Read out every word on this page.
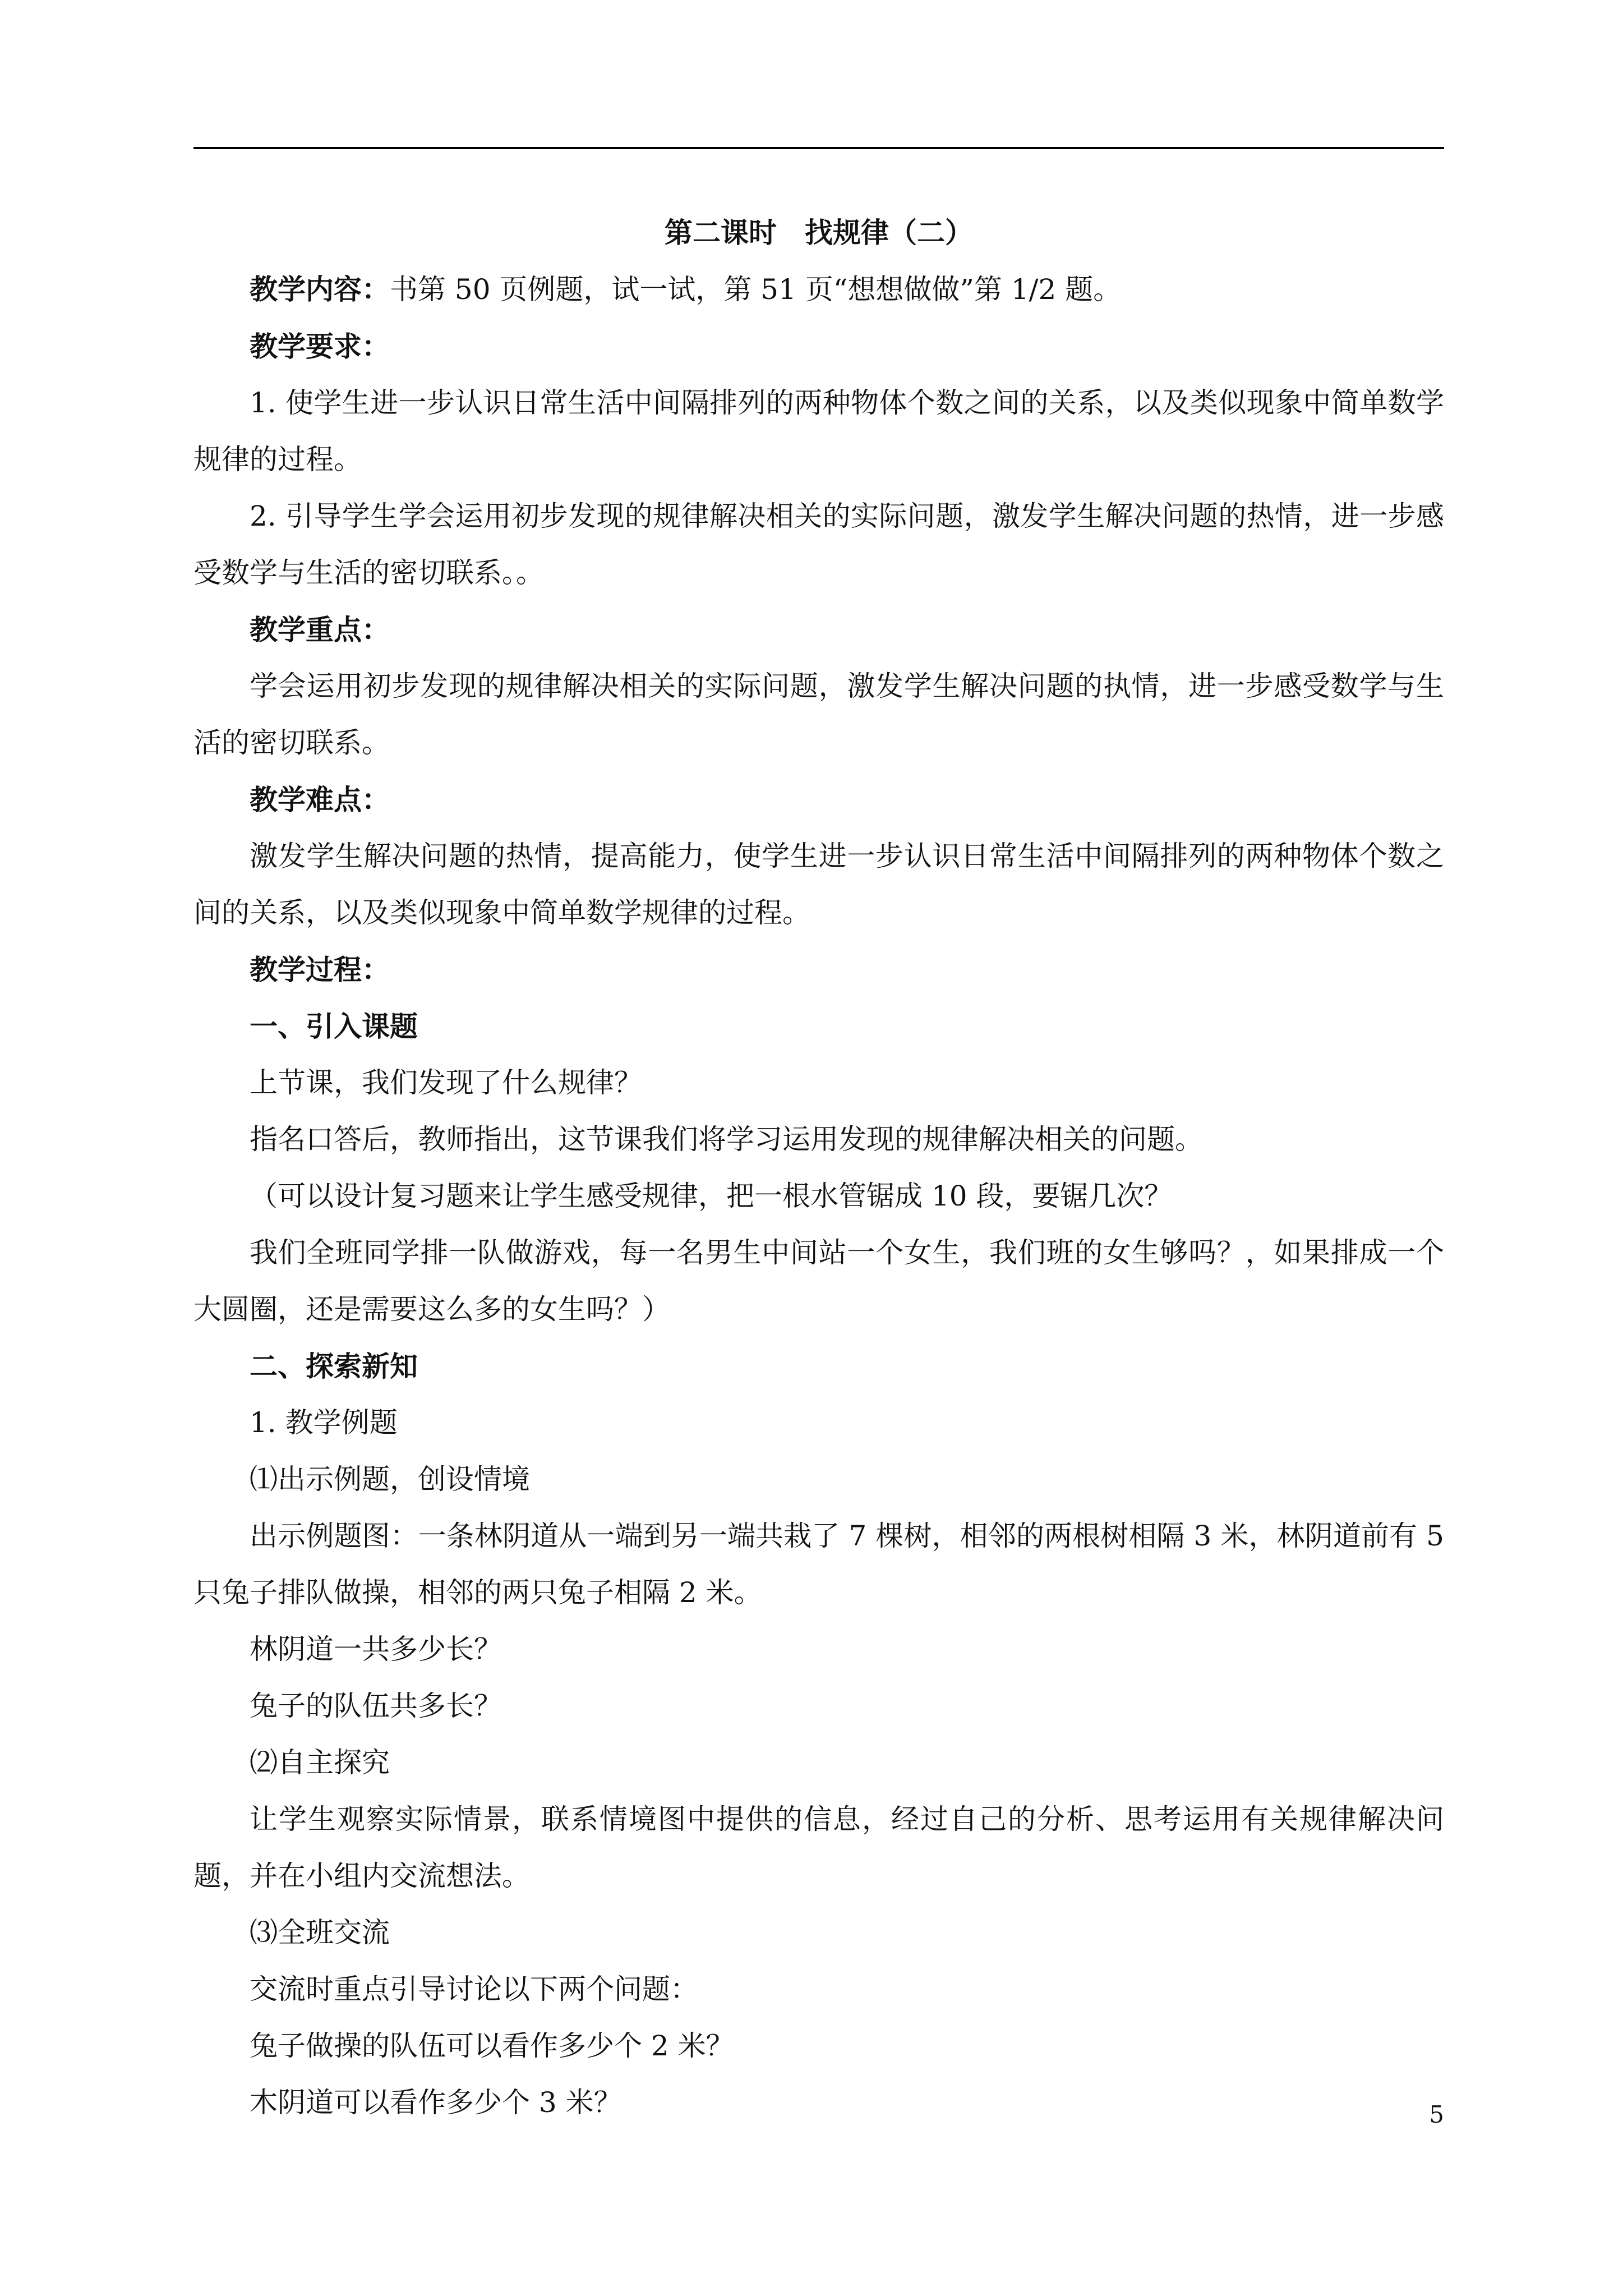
第二课时　找规律（二）

教学内容：书第 50 页例题，试一试，第 51 页“想想做做”第 1/2 题。

教学要求：

1. 使学生进一步认识日常生活中间隔排列的两种物体个数之间的关系，以及类似现象中简单数学规律的过程。

2. 引导学生学会运用初步发现的规律解决相关的实际问题，激发学生解决问题的热情，进一步感受数学与生活的密切联系。。

教学重点：

学会运用初步发现的规律解决相关的实际问题，激发学生解决问题的执情，进一步感受数学与生活的密切联系。

教学难点：

激发学生解决问题的热情，提高能力，使学生进一步认识日常生活中间隔排列的两种物体个数之间的关系，以及类似现象中简单数学规律的过程。

教学过程：

一、引入课题

上节课，我们发现了什么规律？

指名口答后，教师指出，这节课我们将学习运用发现的规律解决相关的问题。

（可以设计复习题来让学生感受规律，把一根水管锯成 10 段，要锯几次？

我们全班同学排一队做游戏，每一名男生中间站一个女生，我们班的女生够吗？，如果排成一个大圆圈，还是需要这么多的女生吗？）

二、探索新知

1. 教学例题

⑴出示例题，创设情境

出示例题图：一条林阴道从一端到另一端共栽了 7 棵树，相邻的两根树相隔 3 米，林阴道前有 5 只兔子排队做操，相邻的两只兔子相隔 2 米。

林阴道一共多少长？

兔子的队伍共多长？

⑵自主探究

让学生观察实际情景，联系情境图中提供的信息，经过自己的分析、思考运用有关规律解决问题，并在小组内交流想法。

⑶全班交流

交流时重点引导讨论以下两个问题：

兔子做操的队伍可以看作多少个 2 米？

木阴道可以看作多少个 3 米？	5
